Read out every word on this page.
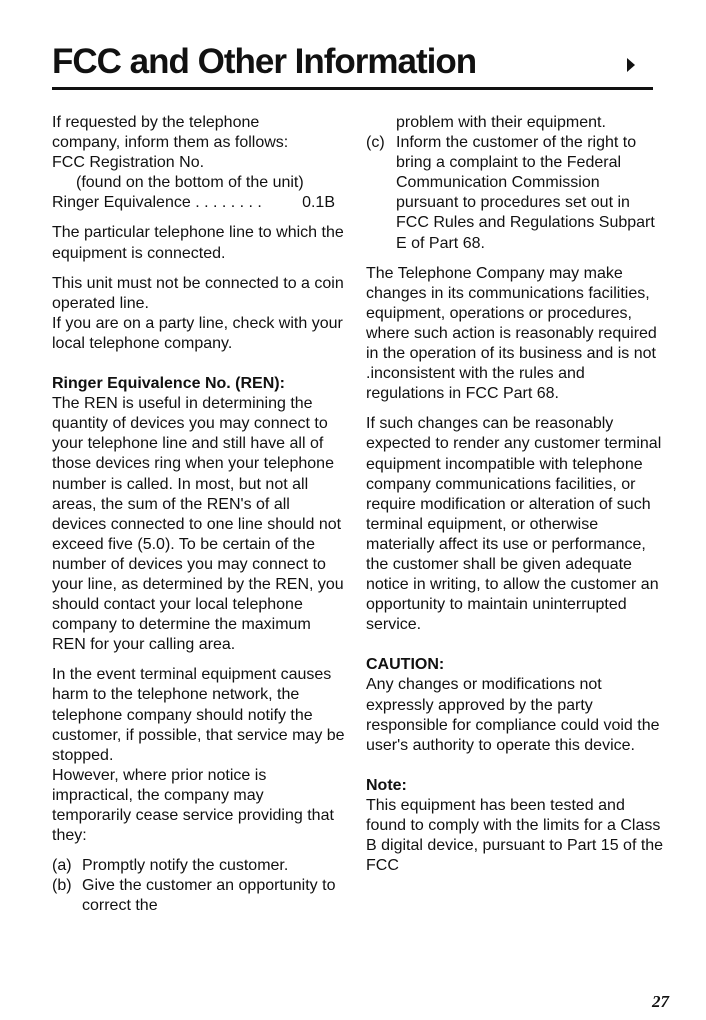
FCC and Other Information

If requested by the telephone

company, inform them as follows:

FCC Registration No.

(found on the bottom of the unit)

Ringer Equivalence . . . . . . . .	0.1B

The particular telephone line to which the equipment is connected.

This unit must not be connected to a coin operated line.

If you are on a party line, check with your local telephone company.

Ringer Equivalence No. (REN):

The REN is useful in determining the quantity of devices you may connect to your telephone line and still have all of those devices ring when your telephone number is called. In most, but not all areas, the sum of the REN's of all devices connected to one line should not exceed five (5.0). To be certain of the number of devices you may connect to your line, as determined by the REN, you should contact your local telephone company to determine the maximum REN for your calling area.

In the event terminal equipment causes harm to the telephone network, the telephone company should notify the customer, if possible, that service may be stopped.

However, where prior notice is impractical, the company may temporarily cease service providing that they:

(a) Promptly notify the customer.
(b) Give the customer an opportunity to correct the
problem with their equipment.
(c) Inform the customer of the right to bring a complaint to the Federal Communication Commission pursuant to procedures set out in FCC Rules and Regulations Subpart E of Part 68.

The Telephone Company may make changes in its communications facilities, equipment, operations or procedures, where such action is reasonably required in the operation of its business and is not .inconsistent with the rules and regulations in FCC Part 68.

If such changes can be reasonably expected to render any customer terminal equipment incompatible with telephone company communications facilities, or require modification or alteration of such terminal equipment, or otherwise materially affect its use or performance, the customer shall be given adequate notice in writing, to allow the customer an opportunity to maintain uninterrupted service.

CAUTION:

Any changes or modifications not expressly approved by the party responsible for compliance could void the user's authority to operate this device.

Note:

This equipment has been tested and found to comply with the limits for a Class B digital device, pursuant to Part 15 of the FCC

27
